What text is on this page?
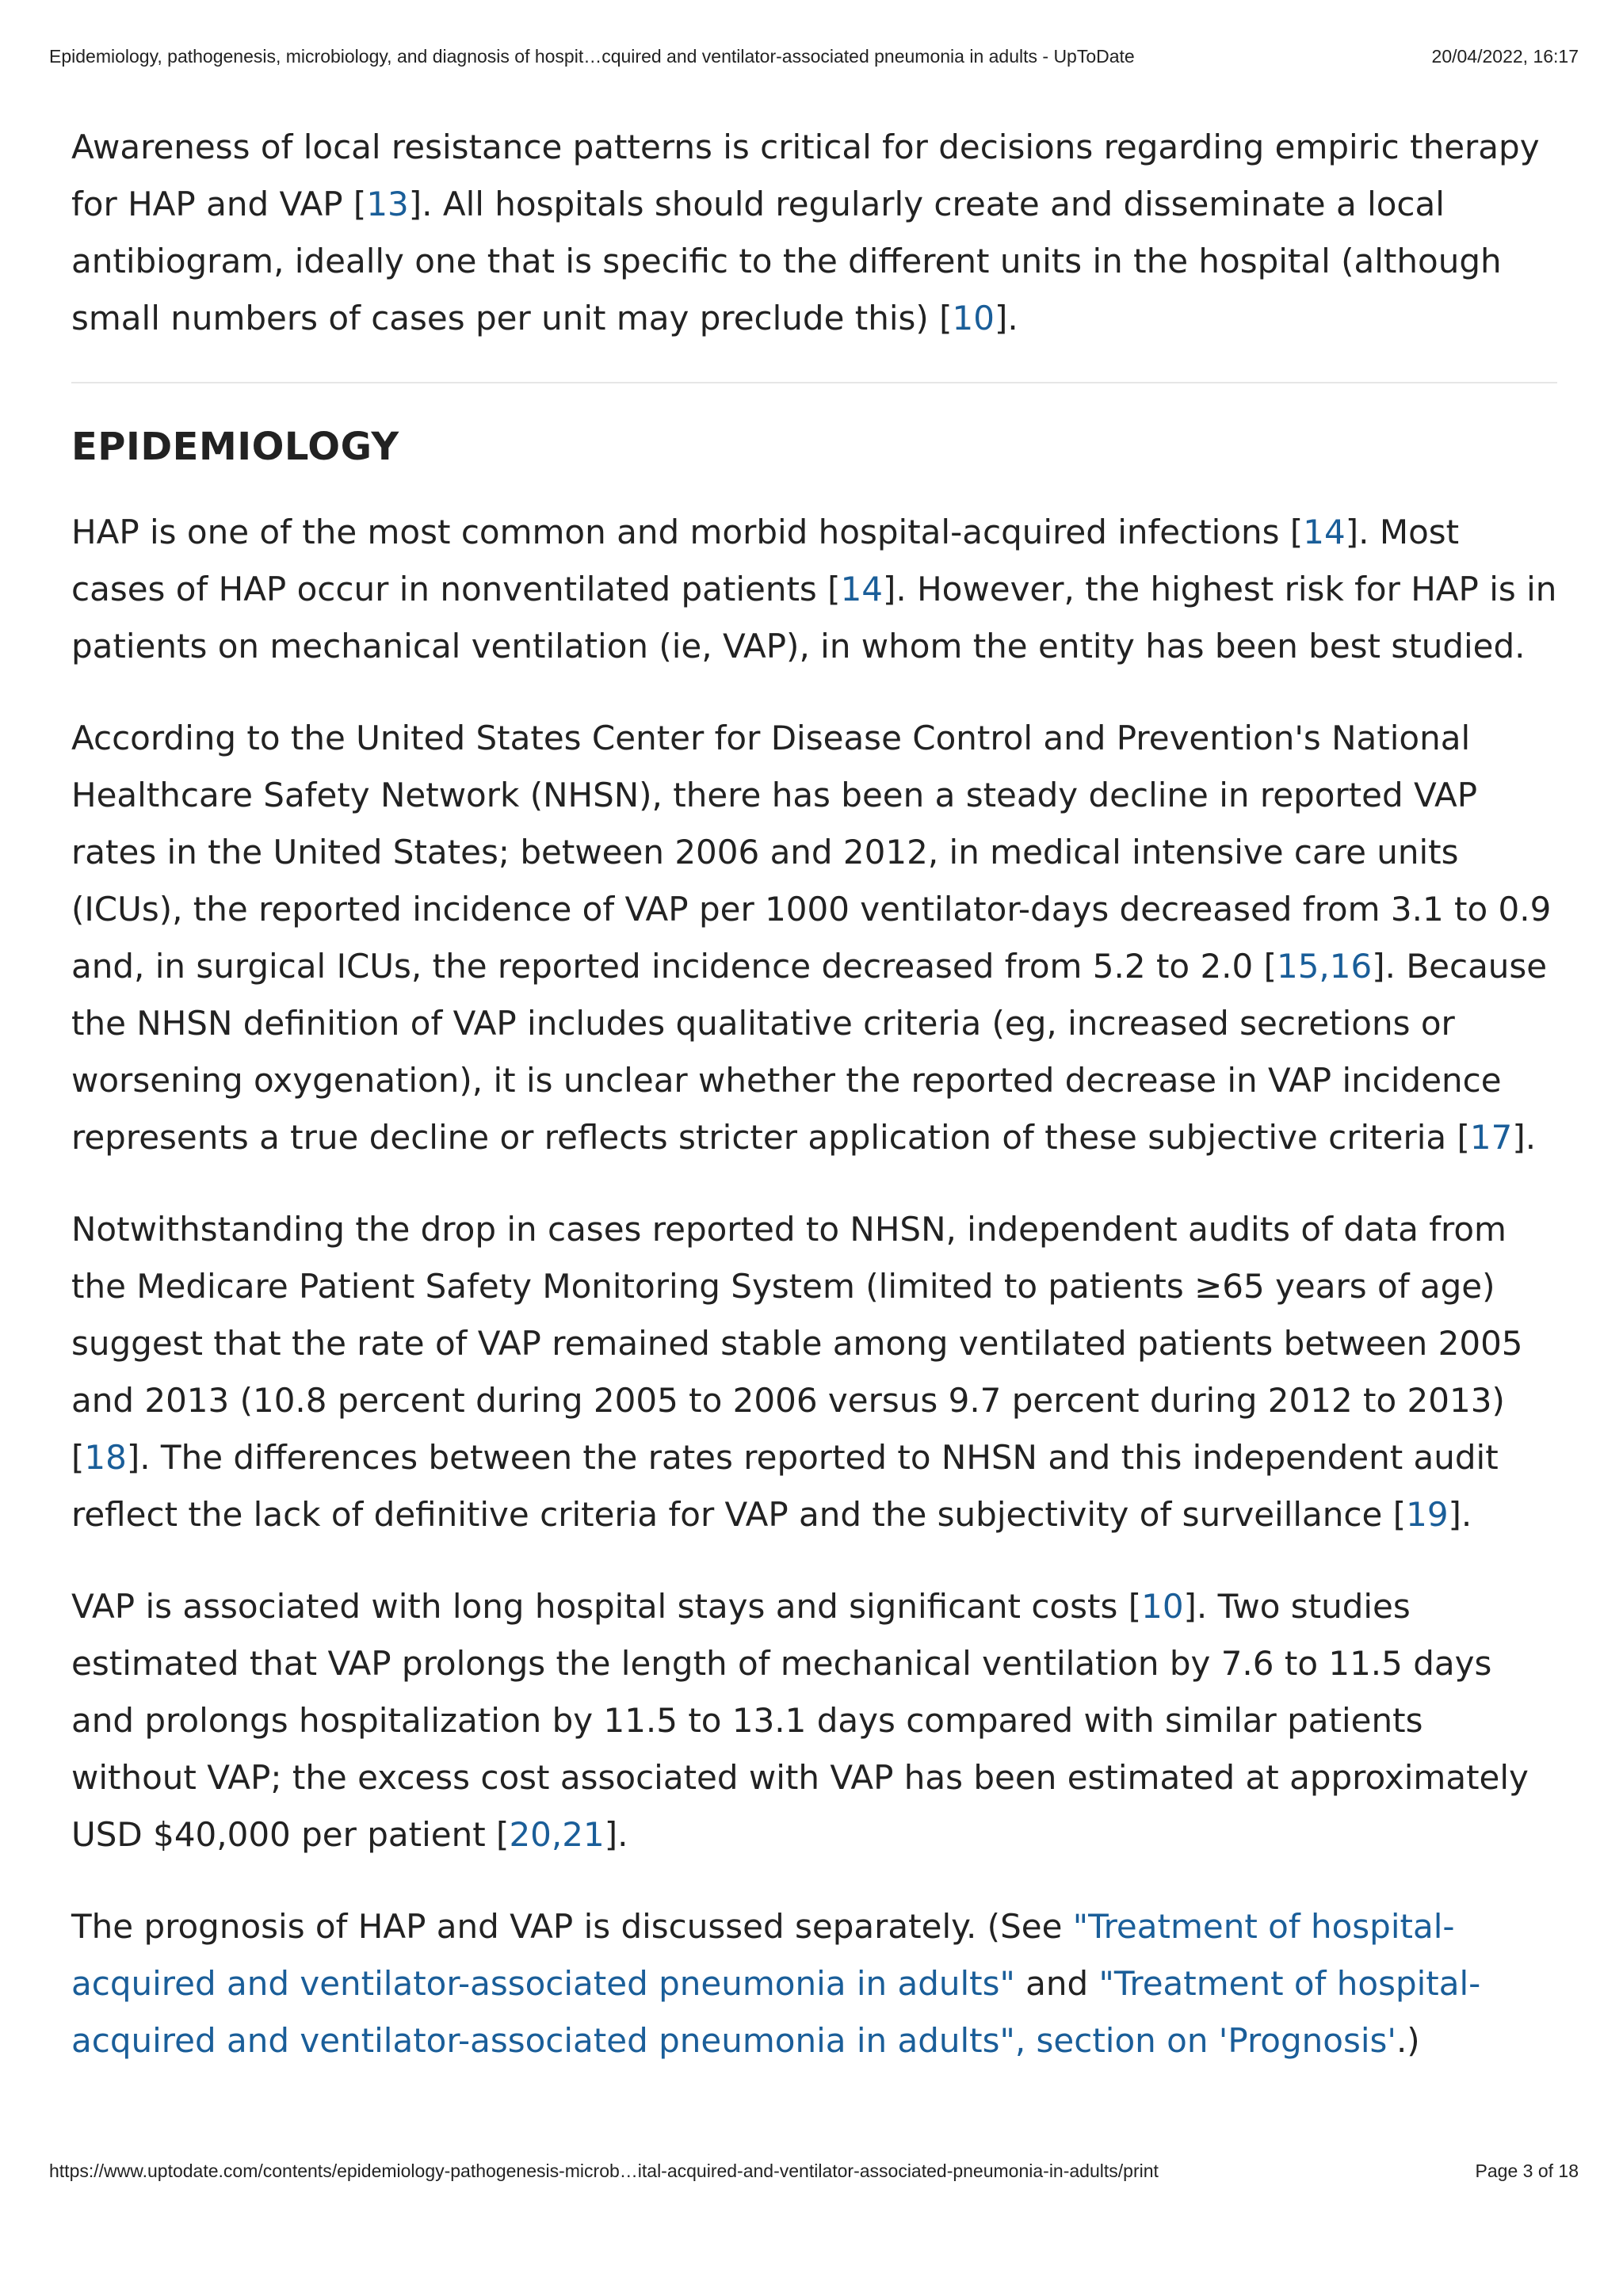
Epidemiology, pathogenesis, microbiology, and diagnosis of hospit…cquired and ventilator-associated pneumonia in adults - UpToDate	20/04/2022, 16:17

Awareness of local resistance patterns is critical for decisions regarding empiric therapy for HAP and VAP [13]. All hospitals should regularly create and disseminate a local antibiogram, ideally one that is specific to the different units in the hospital (although small numbers of cases per unit may preclude this) [10].

EPIDEMIOLOGY

HAP is one of the most common and morbid hospital-acquired infections [14]. Most cases of HAP occur in nonventilated patients [14]. However, the highest risk for HAP is in patients on mechanical ventilation (ie, VAP), in whom the entity has been best studied.

According to the United States Center for Disease Control and Prevention's National Healthcare Safety Network (NHSN), there has been a steady decline in reported VAP rates in the United States; between 2006 and 2012, in medical intensive care units (ICUs), the reported incidence of VAP per 1000 ventilator-days decreased from 3.1 to 0.9 and, in surgical ICUs, the reported incidence decreased from 5.2 to 2.0 [15,16]. Because the NHSN definition of VAP includes qualitative criteria (eg, increased secretions or worsening oxygenation), it is unclear whether the reported decrease in VAP incidence represents a true decline or reflects stricter application of these subjective criteria [17].

Notwithstanding the drop in cases reported to NHSN, independent audits of data from the Medicare Patient Safety Monitoring System (limited to patients ≥65 years of age) suggest that the rate of VAP remained stable among ventilated patients between 2005 and 2013 (10.8 percent during 2005 to 2006 versus 9.7 percent during 2012 to 2013) [18]. The differences between the rates reported to NHSN and this independent audit reflect the lack of definitive criteria for VAP and the subjectivity of surveillance [19].

VAP is associated with long hospital stays and significant costs [10]. Two studies estimated that VAP prolongs the length of mechanical ventilation by 7.6 to 11.5 days and prolongs hospitalization by 11.5 to 13.1 days compared with similar patients without VAP; the excess cost associated with VAP has been estimated at approximately USD $40,000 per patient [20,21].

The prognosis of HAP and VAP is discussed separately. (See "Treatment of hospital-acquired and ventilator-associated pneumonia in adults" and "Treatment of hospital-acquired and ventilator-associated pneumonia in adults", section on 'Prognosis'.)

https://www.uptodate.com/contents/epidemiology-pathogenesis-microb…ital-acquired-and-ventilator-associated-pneumonia-in-adults/print	Page 3 of 18
